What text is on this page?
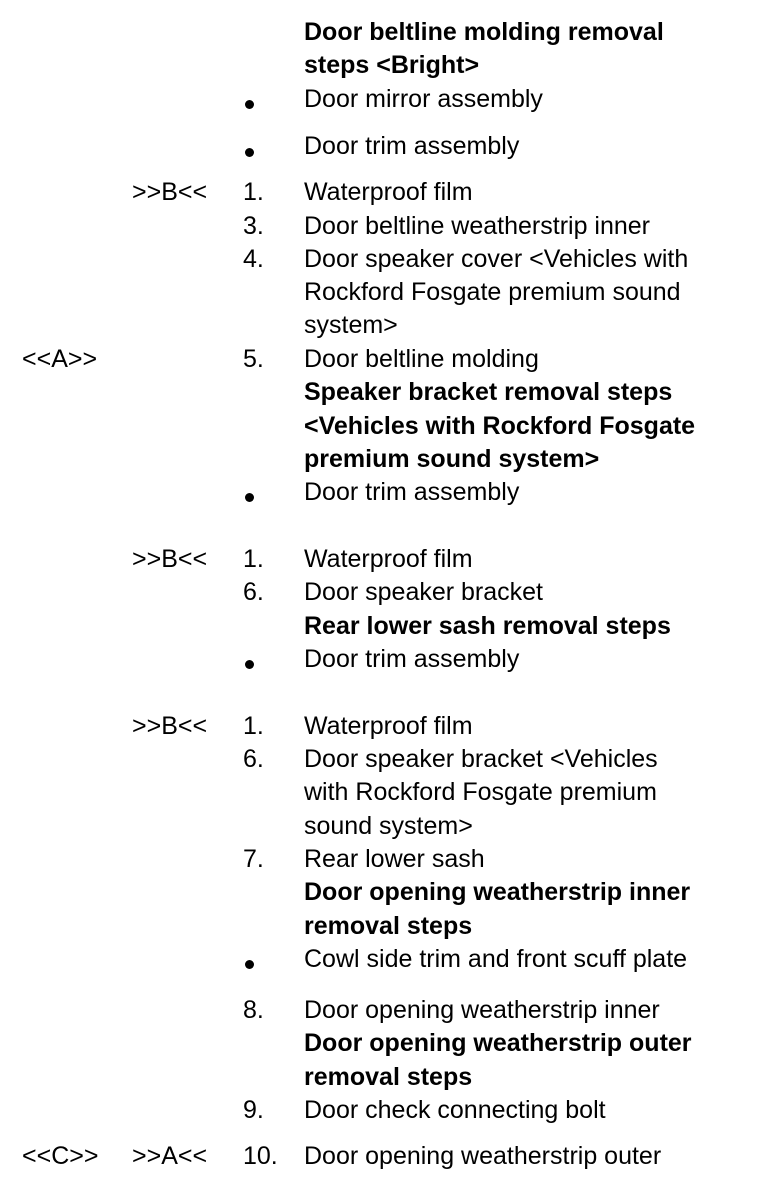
Door beltline molding removal
steps <Bright>
Door mirror assembly
Door trim assembly
>>B<< 1. Waterproof film
3. Door beltline weatherstrip inner
4. Door speaker cover <Vehicles with
Rockford Fosgate premium sound
system>
<<A>>	5. Door beltline molding
Speaker bracket removal steps
<Vehicles with Rockford Fosgate
premium sound system>
Door trim assembly
>>B<< 1. Waterproof film
6. Door speaker bracket
Rear lower sash removal steps
Door trim assembly
>>B<< 1. Waterproof film
6. Door speaker bracket <Vehicles
with Rockford Fosgate premium
sound system>
7. Rear lower sash
Door opening weatherstrip inner
removal steps
Cowl side trim and front scuff plate
8. Door opening weatherstrip inner
Door opening weatherstrip outer
removal steps
9. Door check connecting bolt
<<C>> >>A<< 10. Door opening weatherstrip outer
